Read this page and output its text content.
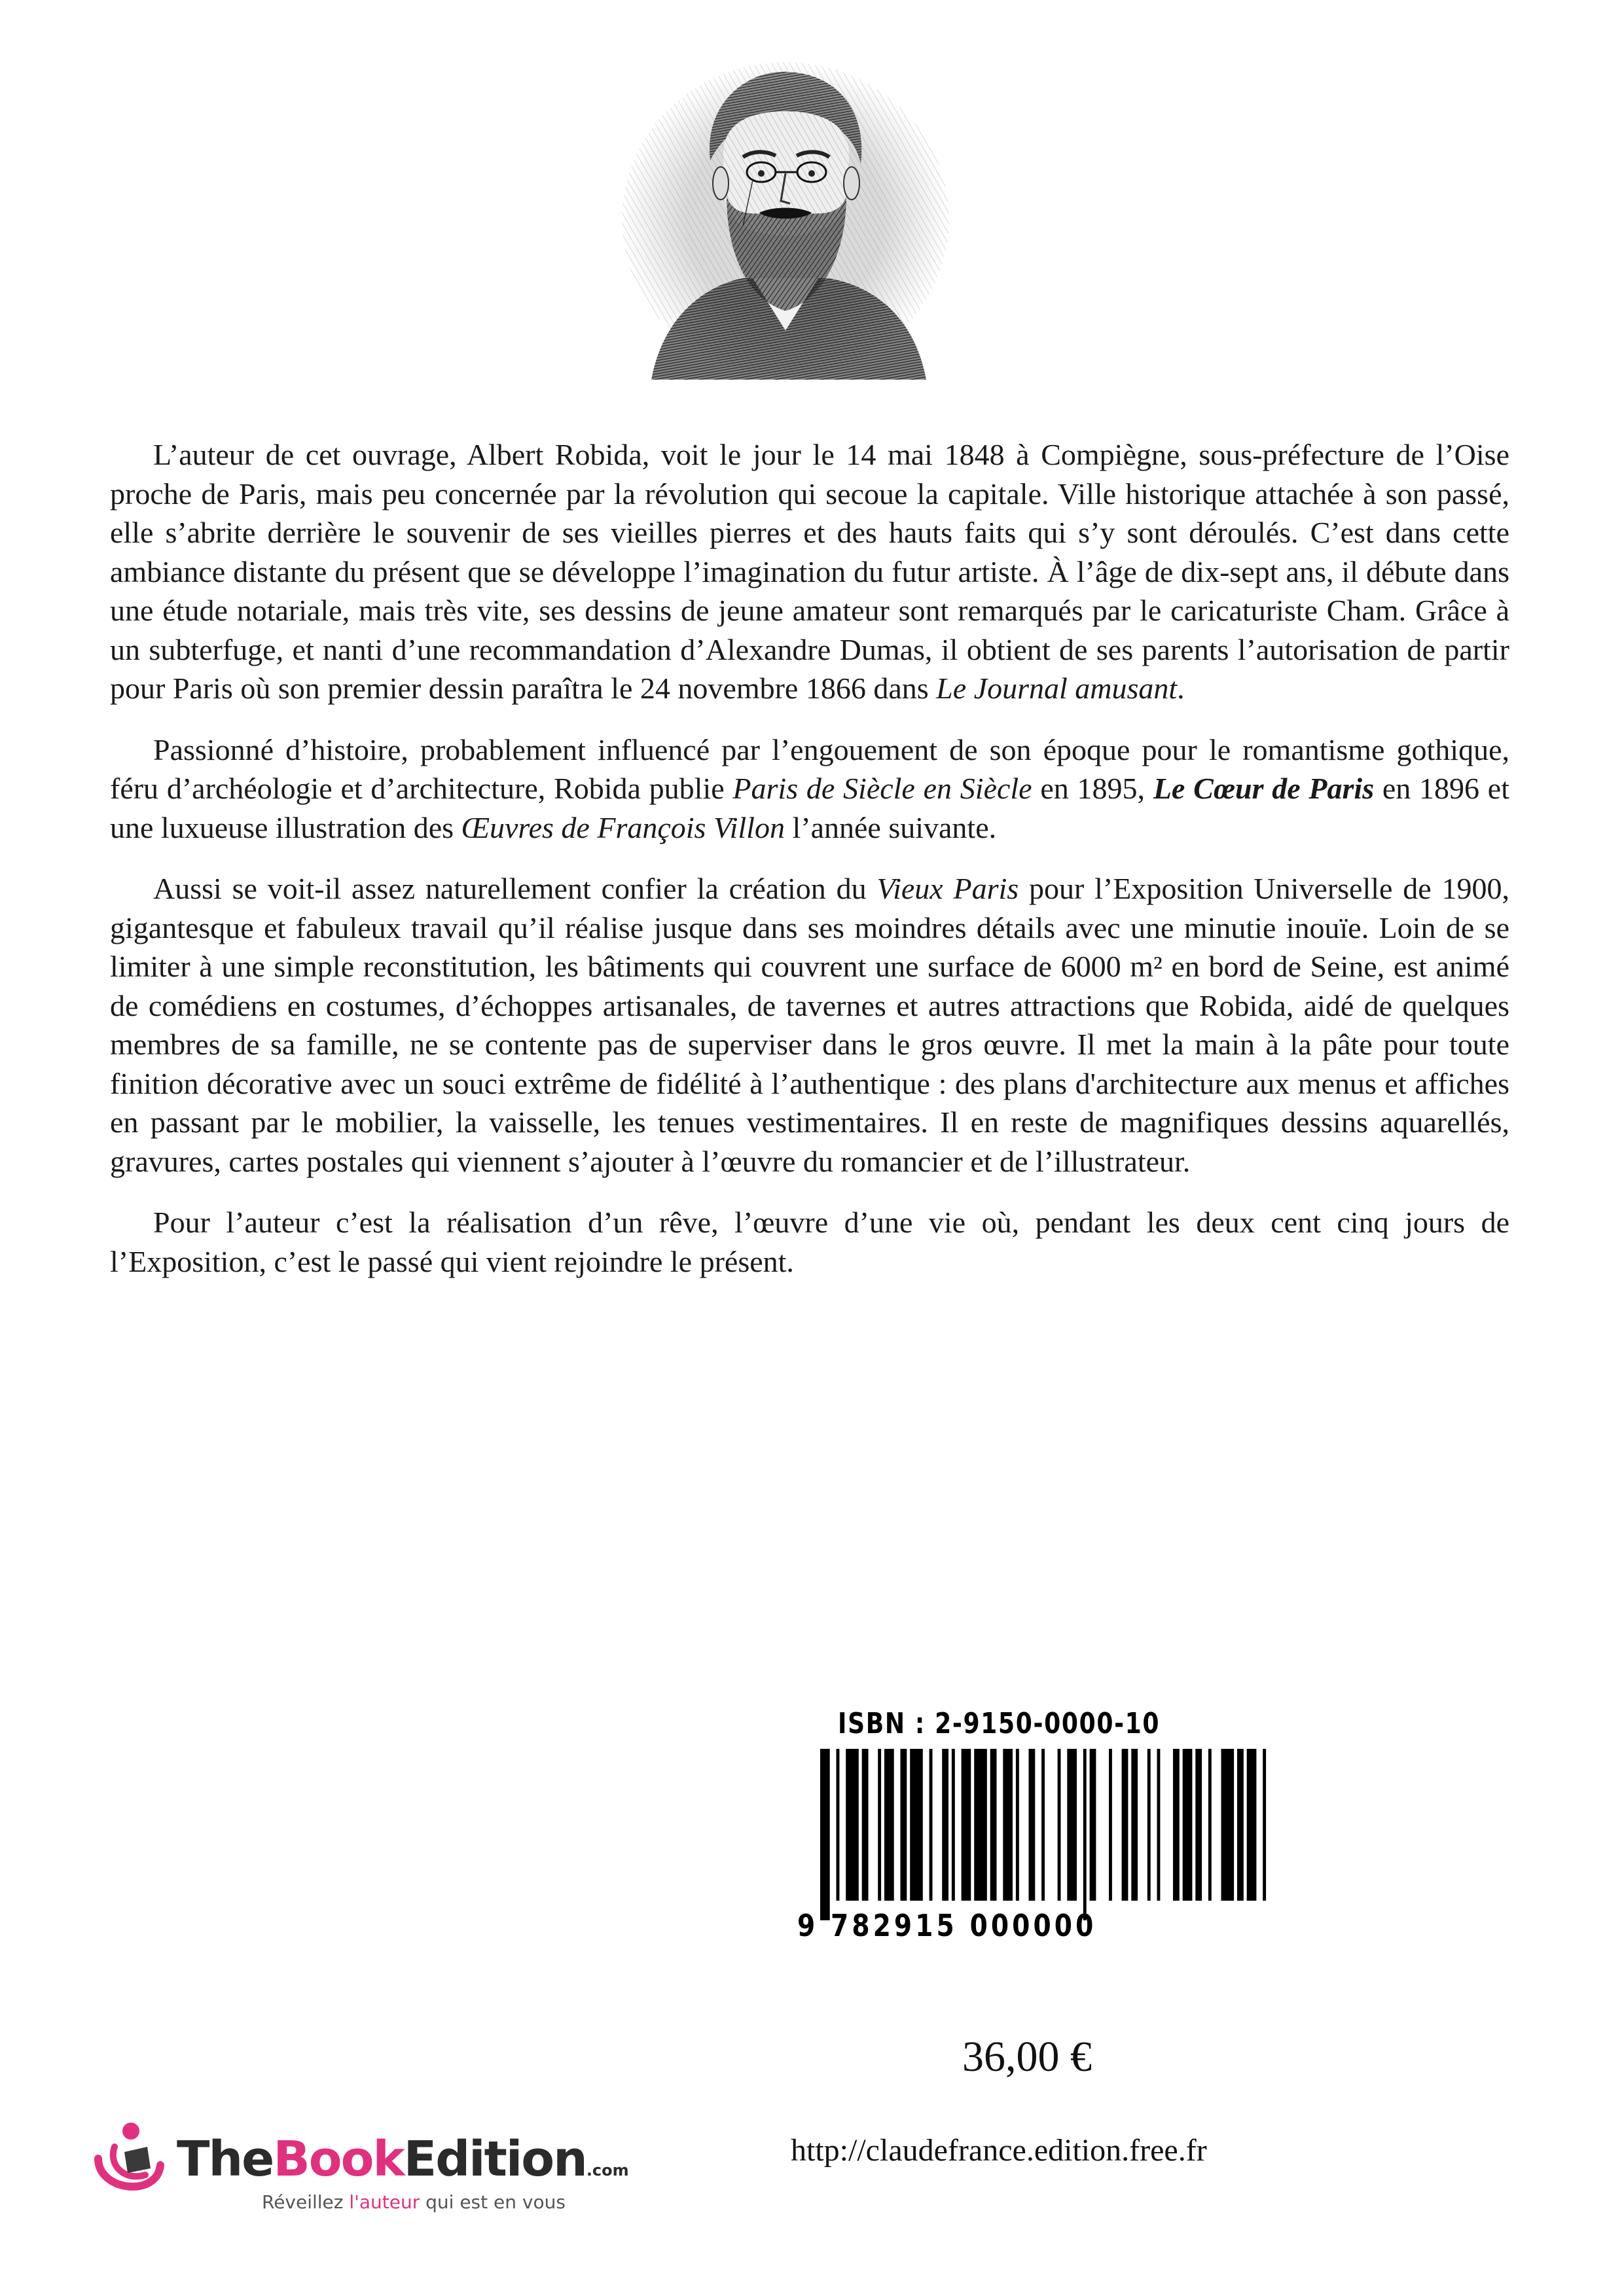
L’auteur de cet ouvrage, Albert Robida, voit le jour le 14 mai 1848 à Compiègne, sous-préfecture de l’Oise proche de Paris, mais peu concernée par la révolution qui secoue la capitale. Ville historique attachée à son passé, elle s’abrite derrière le souvenir de ses vieilles pierres et des hauts faits qui s’y sont déroulés. C’est dans cette ambiance distante du présent que se développe l’imagination du futur artiste. À l’âge de dix-sept ans, il débute dans une étude notariale, mais très vite, ses dessins de jeune amateur sont remarqués par le caricaturiste Cham. Grâce à un subterfuge, et nanti d’une recommandation d’Alexandre Dumas, il obtient de ses parents l’autorisation de partir pour Paris où son premier dessin paraîtra le 24 novembre 1866 dans Le Journal amusant.

Passionné d’histoire, probablement influencé par l’engouement de son époque pour le romantisme gothique, féru d’archéologie et d’architecture, Robida publie Paris de Siècle en Siècle en 1895, Le Cœur de Paris en 1896 et une luxueuse illustration des Œuvres de François Villon l’année suivante.

Aussi se voit-il assez naturellement confier la création du Vieux Paris pour l’Exposition Universelle de 1900, gigantesque et fabuleux travail qu’il réalise jusque dans ses moindres détails avec une minutie inouïe. Loin de se limiter à une simple reconstitution, les bâtiments qui couvrent une surface de 6000 m² en bord de Seine, est animé de comédiens en costumes, d’échoppes artisanales, de tavernes et autres attractions que Robida, aidé de quelques membres de sa famille, ne se contente pas de superviser dans le gros œuvre. Il met la main à la pâte pour toute finition décorative avec un souci extrême de fidélité à l’authentique : des plans d'architecture aux menus et affiches en passant par le mobilier, la vaisselle, les tenues vestimentaires. Il en reste de magnifiques dessins aquarellés, gravures, cartes postales qui viennent s’ajouter à l’œuvre du romancier et de l’illustrateur.

Pour l’auteur c’est la réalisation d’un rêve, l’œuvre d’une vie où, pendant les deux cent cinq jours de l’Exposition, c’est le passé qui vient rejoindre le présent.

ISBN : 2-9150-0000-10
9 782915 000000
36,00 €
TheBookEdition.com
Réveillez l'auteur qui est en vous
http://claudefrance.edition.free.fr
